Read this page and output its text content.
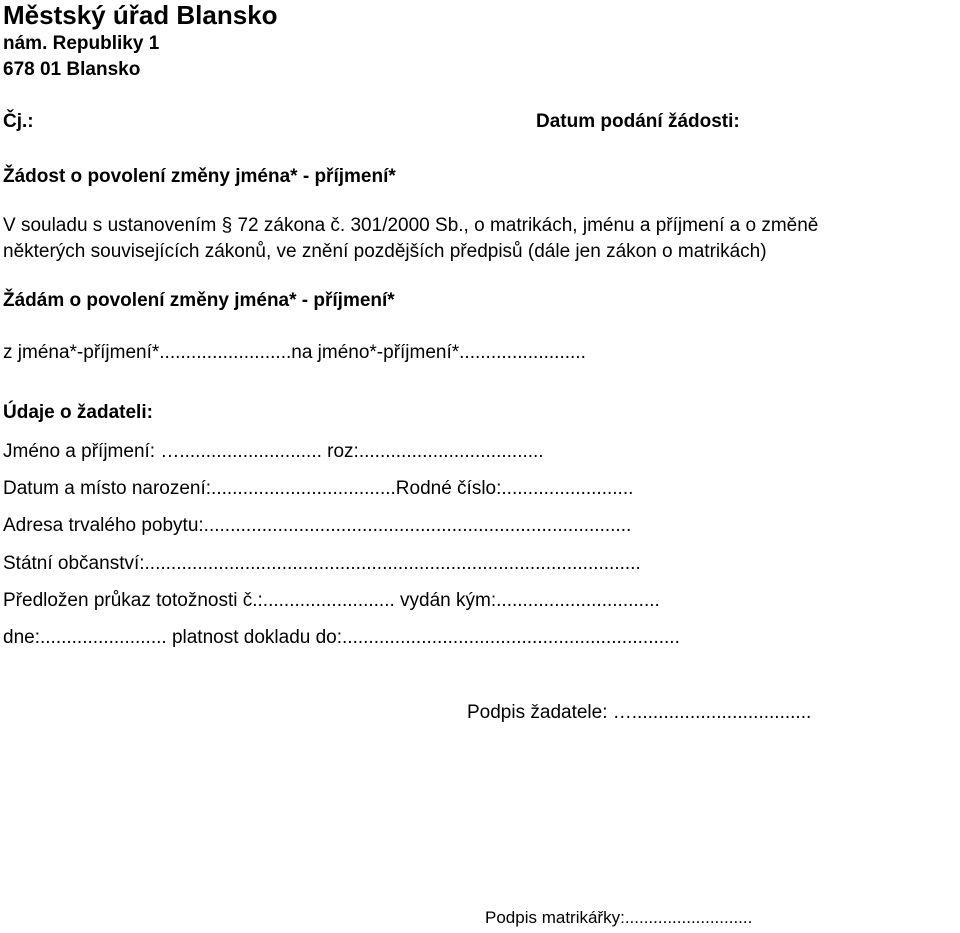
Městský úřad Blansko
nám. Republiky 1
678 01 Blansko
Čj.:	Datum podání žádosti:
Žádost o povolení změny jména* - příjmení*
V souladu s ustanovením § 72 zákona č. 301/2000 Sb., o matrikách, jménu a příjmení a o změně
některých souvisejících zákonů, ve znění pozdějších předpisů (dále jen zákon o matrikách)
Žádám o povolení změny jména* - příjmení*
z jména*-příjmení*.........................na jméno*-příjmení*........................
Údaje o žadateli:
Jméno a příjmení: …........................... roz:...................................
Datum a místo narození:...................................Rodné číslo:.........................
Adresa trvalého pobytu:.................................................................................
Státní občanství:..............................................................................................
Předložen průkaz totožnosti č.:......................... vydán kým:...............................
dne:........................ platnost dokladu do:................................................................
Podpis žadatele: …..................................
Podpis matrikářky:...........................
